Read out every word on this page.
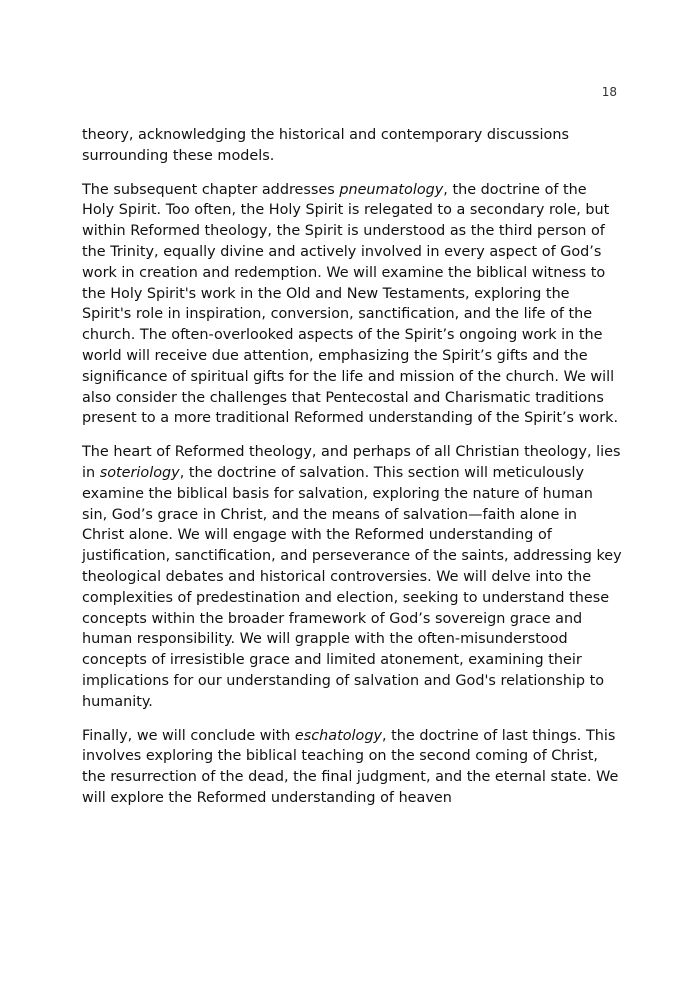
18

theory, acknowledging the historical and contemporary discussions surrounding these models.

The subsequent chapter addresses pneumatology, the doctrine of the Holy Spirit. Too often, the Holy Spirit is relegated to a secondary role, but within Reformed theology, the Spirit is understood as the third person of the Trinity, equally divine and actively involved in every aspect of God’s work in creation and redemption. We will examine the biblical witness to the Holy Spirit's work in the Old and New Testaments, exploring the Spirit's role in inspiration, conversion, sanctification, and the life of the church. The often-overlooked aspects of the Spirit’s ongoing work in the world will receive due attention, emphasizing the Spirit’s gifts and the significance of spiritual gifts for the life and mission of the church. We will also consider the challenges that Pentecostal and Charismatic traditions present to a more traditional Reformed understanding of the Spirit’s work.

The heart of Reformed theology, and perhaps of all Christian theology, lies in soteriology, the doctrine of salvation. This section will meticulously examine the biblical basis for salvation, exploring the nature of human sin, God’s grace in Christ, and the means of salvation—faith alone in Christ alone. We will engage with the Reformed understanding of justification, sanctification, and perseverance of the saints, addressing key theological debates and historical controversies. We will delve into the complexities of predestination and election, seeking to understand these concepts within the broader framework of God’s sovereign grace and human responsibility. We will grapple with the often-misunderstood concepts of irresistible grace and limited atonement, examining their implications for our understanding of salvation and God's relationship to humanity.

Finally, we will conclude with eschatology, the doctrine of last things. This involves exploring the biblical teaching on the second coming of Christ, the resurrection of the dead, the final judgment, and the eternal state. We will explore the Reformed understanding of heaven
